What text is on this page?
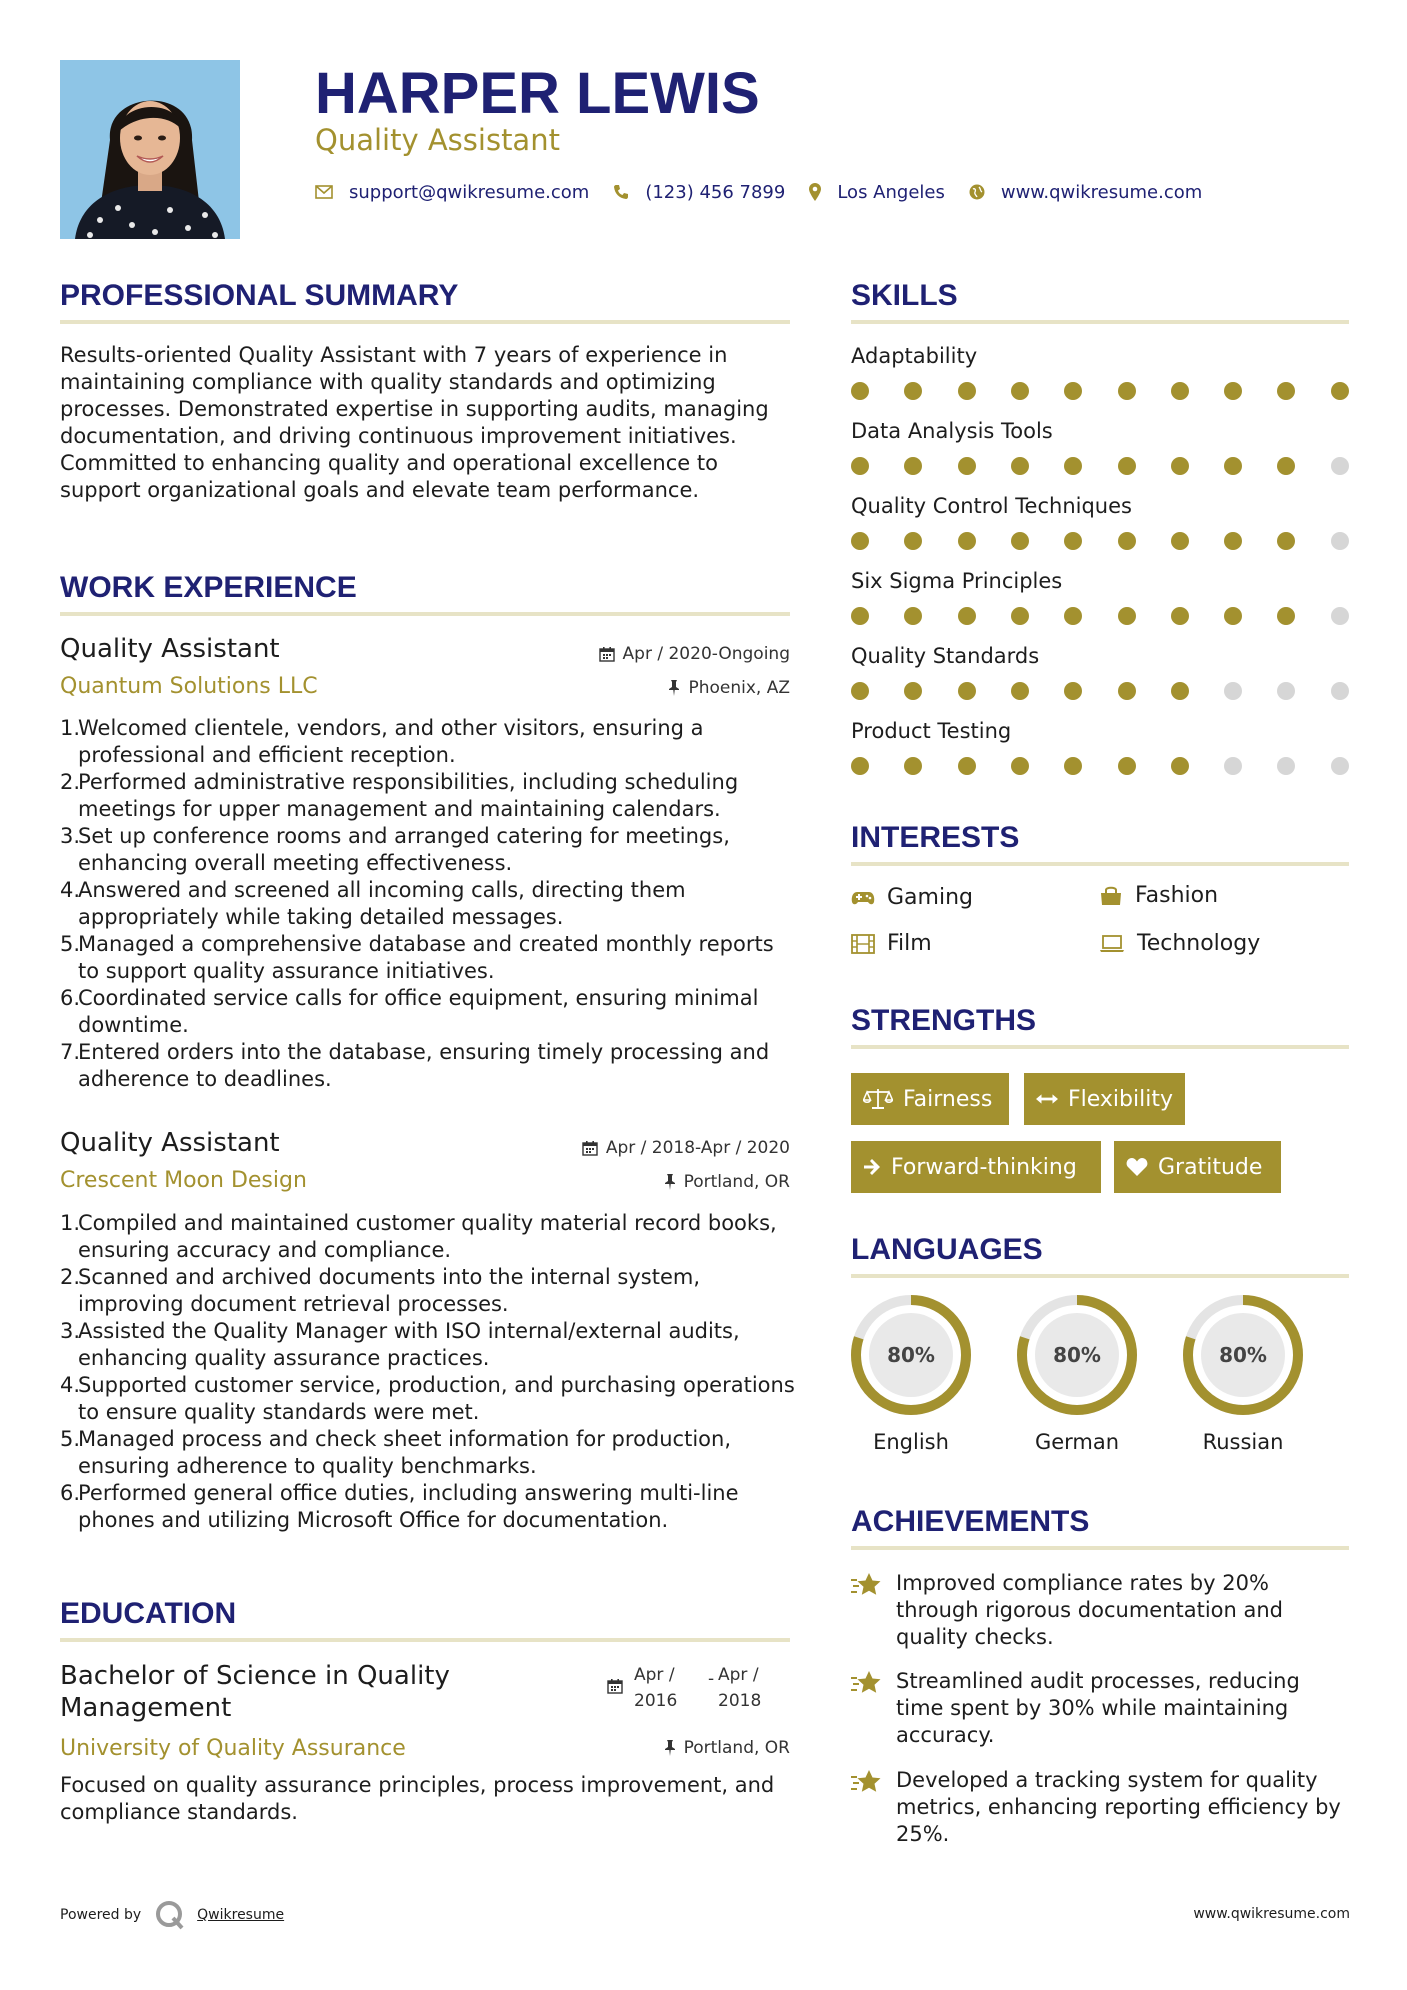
HARPER LEWIS
Quality Assistant
support@qwikresume.com	(123) 456 7899	Los Angeles	www.qwikresume.com
PROFESSIONAL SUMMARY
Results-oriented Quality Assistant with 7 years of experience in maintaining compliance with quality standards and optimizing processes. Demonstrated expertise in supporting audits, managing documentation, and driving continuous improvement initiatives. Committed to enhancing quality and operational excellence to support organizational goals and elevate team performance.
WORK EXPERIENCE
Quality Assistant
Quantum Solutions LLC
Apr / 2020-Ongoing
Phoenix, AZ
1.
Welcomed clientele, vendors, and other visitors, ensuring a professional and efficient reception.
2.
Performed administrative responsibilities, including scheduling meetings for upper management and maintaining calendars.
3.
Set up conference rooms and arranged catering for meetings, enhancing overall meeting effectiveness.
4.
Answered and screened all incoming calls, directing them appropriately while taking detailed messages.
5.
Managed a comprehensive database and created monthly reports to support quality assurance initiatives.
6.
Coordinated service calls for office equipment, ensuring minimal downtime.
7.
Entered orders into the database, ensuring timely processing and adherence to deadlines.
Quality Assistant
Crescent Moon Design
Apr / 2018-Apr / 2020
Portland, OR
1.
Compiled and maintained customer quality material record books, ensuring accuracy and compliance.
2.
Scanned and archived documents into the internal system, improving document retrieval processes.
3.
Assisted the Quality Manager with ISO internal/external audits, enhancing quality assurance practices.
4.
Supported customer service, production, and purchasing operations to ensure quality standards were met.
5.
Managed process and check sheet information for production, ensuring adherence to quality benchmarks.
6.
Performed general office duties, including answering multi-line phones and utilizing Microsoft Office for documentation.
EDUCATION
Bachelor of Science in Quality Management
Apr /
2016
- Apr /
2018
University of Quality Assurance	Portland, OR
Focused on quality assurance principles, process improvement, and compliance standards.
SKILLS
Adaptability
Data Analysis Tools
Quality Control Techniques
Six Sigma Principles
Quality Standards
Product Testing
INTERESTS
Gaming	Fashion
Film	Technology
STRENGTHS
Fairness	Flexibility
Forward-thinking	Gratitude
LANGUAGES
80%
English
80%
German
80%
Russian
ACHIEVEMENTS
Improved compliance rates by 20% through rigorous documentation and quality checks.
Streamlined audit processes, reducing time spent by 30% while maintaining accuracy.
Developed a tracking system for quality metrics, enhancing reporting efficiency by 25%.
Powered by	Qwikresume	www.qwikresume.com
